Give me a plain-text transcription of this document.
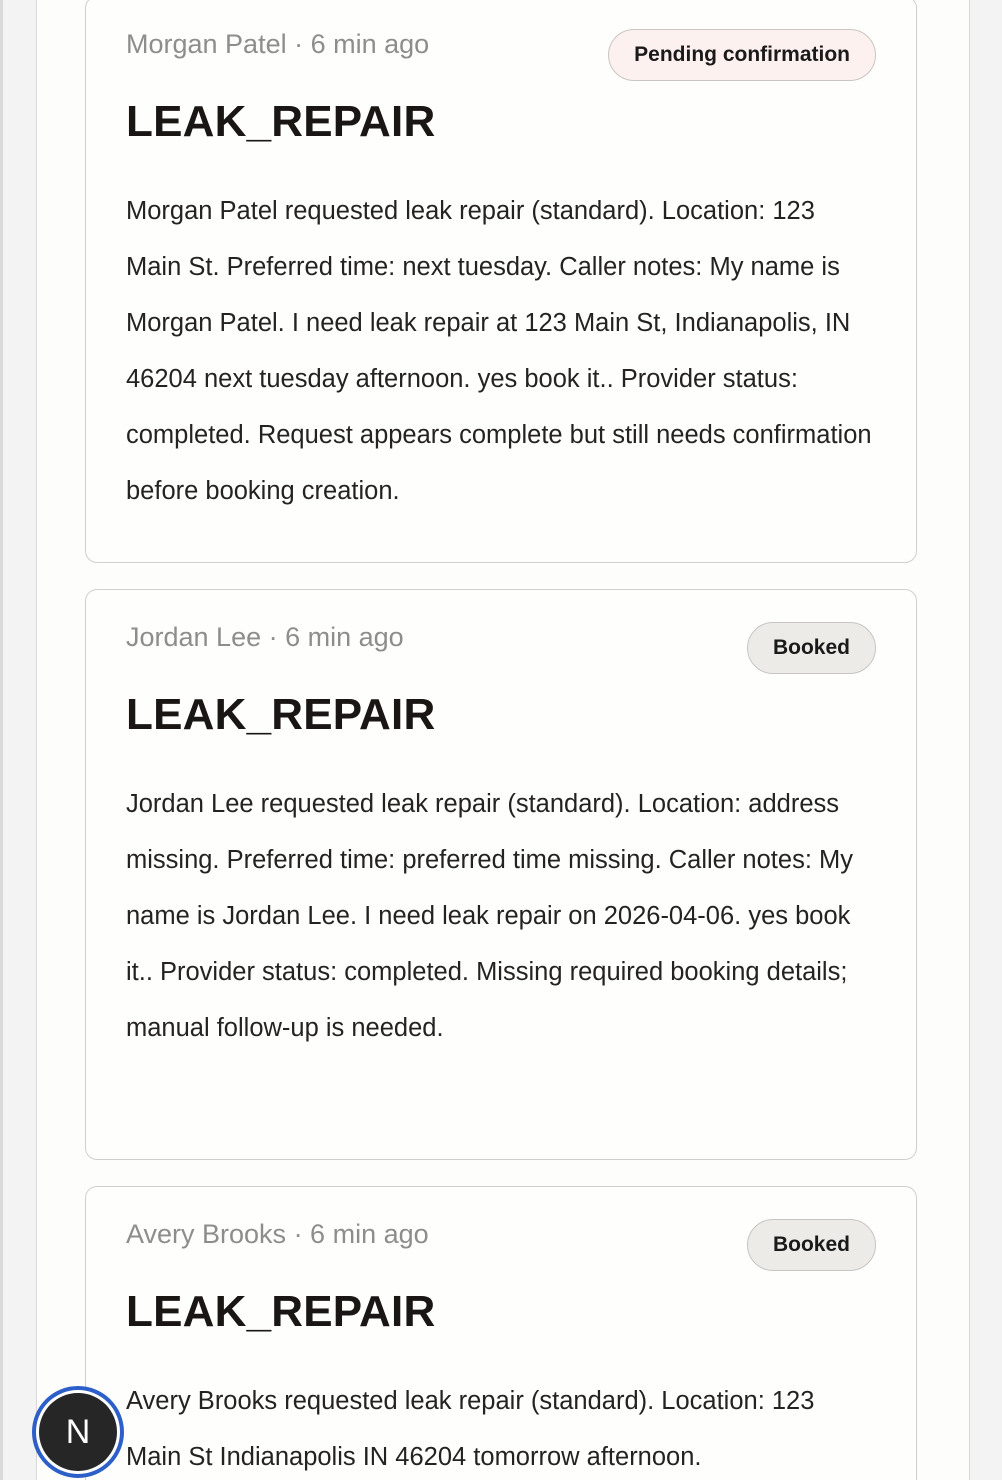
Morgan Patel · 6 min ago	Pending confirmation
LEAK_REPAIR
Morgan Patel requested leak repair (standard). Location: 123 Main St. Preferred time: next tuesday. Caller notes: My name is Morgan Patel. I need leak repair at 123 Main St, Indianapolis, IN 46204 next tuesday afternoon. yes book it.. Provider status: completed. Request appears complete but still needs confirmation before booking creation.
Jordan Lee · 6 min ago	Booked
LEAK_REPAIR
Jordan Lee requested leak repair (standard). Location: address missing. Preferred time: preferred time missing. Caller notes: My name is Jordan Lee. I need leak repair on 2026-04-06. yes book it.. Provider status: completed. Missing required booking details; manual follow-up is needed.
Avery Brooks · 6 min ago	Booked
LEAK_REPAIR
Avery Brooks requested leak repair (standard). Location: 123 Main St Indianapolis IN 46204 tomorrow afternoon.
N
